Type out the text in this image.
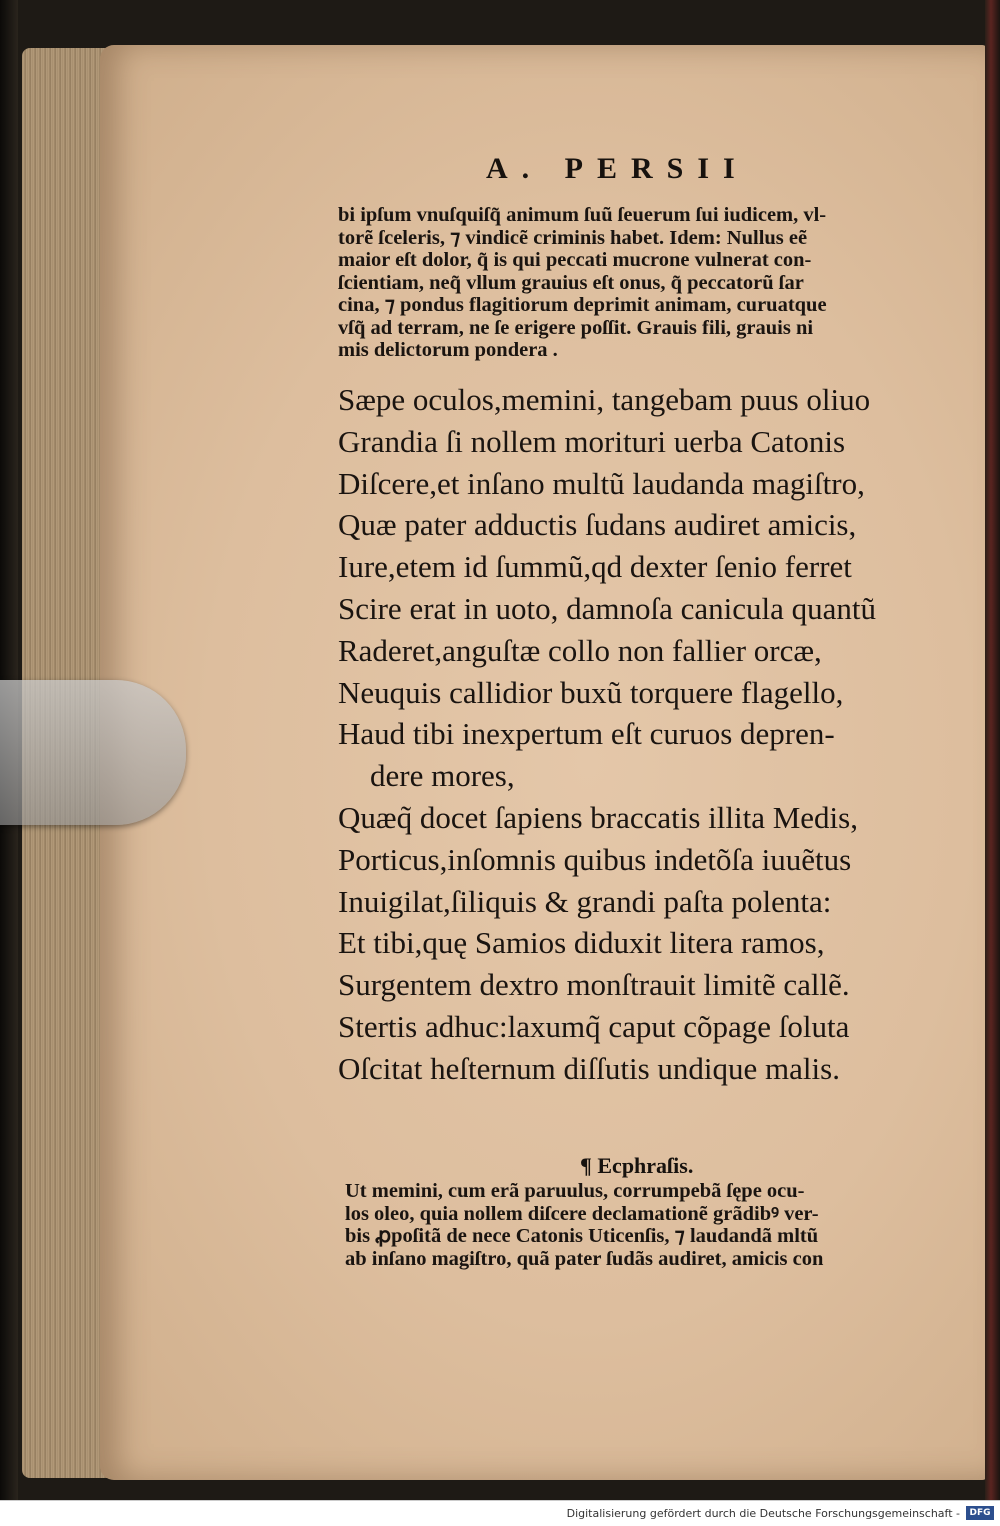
A. PERSII
bi ipſum vnuſquiſq̃ animum ſuũ ſeuerum ſui iudicem, vl-
torẽ ſceleris, ⁊ vindicẽ criminis habet. Idem: Nullus eẽ
maior eſt dolor, q̃ is qui peccati mucrone vulnerat con-
ſcientiam, neq̃ vllum grauius eſt onus, q̃ peccatorũ ſar
cina, ⁊ pondus flagitiorum deprimit animam, curuatque
vſq̃ ad terram, ne ſe erigere poſſit. Grauis fili, grauis ni
mis delictorum pondera .
Sæpe oculos,memini, tangebam puus oliuo
Grandia ſi nollem morituri uerba Catonis
Diſcere,et inſano multũ laudanda magiſtro,
Quæ pater adductis ſudans audiret amicis,
Iure,etem id ſummũ,qd dexter ſenio ferret
Scire erat in uoto, damnoſa canicula quantũ
Raderet,anguſtæ collo non fallier orcæ,
Neuquis callidior buxũ torquere flagello,
Haud tibi inexpertum eſt curuos depren-
dere mores,
Quæq̃ docet ſapiens braccatis illita Medis,
Porticus,inſomnis quibus indetõſa iuuẽtus
Inuigilat,ſiliquis & grandi paſta polenta:
Et tibi,quę Samios diduxit litera ramos,
Surgentem dextro monſtrauit limitẽ callẽ.
Stertis adhuc:laxumq̃ caput cõpage ſoluta
Oſcitat heſternum diſſutis undique malis.
¶ Ecphraſis.
Ut memini, cum erã paruulus, corrumpebã ſępe ocu-
los oleo, quia nollem diſcere declamationẽ grãdibꝰ ver-
bis ꝓpoſitã de nece Catonis Uticenſis, ⁊ laudandã mltũ
ab inſano magiſtro, quã pater ſudãs audiret, amicis con
Digitalisierung gefördert durch die Deutsche Forschungsgemeinschaft -	DFG
